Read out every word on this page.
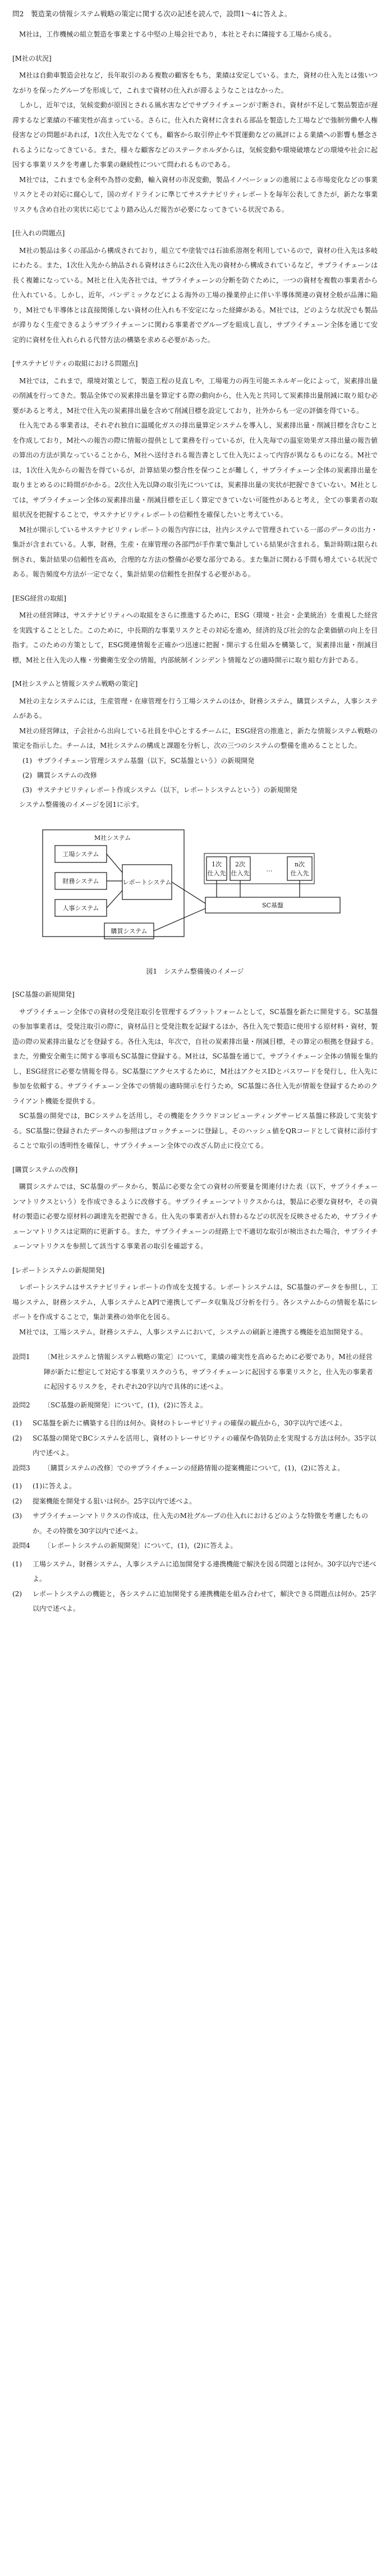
問2　製造業の情報システム戦略の策定に関する次の記述を読んで，設問1～4に答えよ。

M社は，工作機械の組立製造を事業とする中堅の上場会社であり，本社とそれに隣接する工場から成る。

[M社の状況]

M社は自動車製造会社など，長年取引のある複数の顧客をもち，業績は安定している。また，資材の仕入先とは強いつながりを保ったグループを形成して，これまで資材の仕入れが滞るようなことはなかった。

しかし，近年では，気候変動が原因とされる風水害などでサプライチェーンが寸断され，資材が不足して製品製造が遅滞するなど業績の不確実性が高まっている。さらに，仕入れた資材に含まれる部品を製造した工場などで強制労働や人権侵害などの問題があれば，1次仕入先でなくても，顧客から取引停止や不買運動などの風評による業績への影響も懸念されるようになってきている。また，様々な顧客などのステークホルダからは，気候変動や環境破壊などの環境や社会に起因する事業リスクを考慮した事業の継続性について問われるものである。

M社では，これまでも金利や為替の変動，輸入資材の市況変動，製品イノベーションの進展による市場変化などの事業リスクとその対応に腐心して，国のガイドラインに準じてサステナビリティレポートを毎年公表してきたが，新たな事業リスクも含め自社の実状に応じてより踏み込んだ報告が必要になってきている状況である。

[仕入れの問題点]

M社の製品は多くの部品から構成されており，組立てや塗装では石油系溶剤を利用しているので，資材の仕入先は多岐にわたる。また，1次仕入先から納品される資材はさらに2次仕入先の資材から構成されているなど，サプライチェーンは長く複雑になっている。M社と仕入先各社では，サプライチェーンの分断を防ぐために，一つの資材を複数の事業者から仕入れている。しかし，近年，パンデミックなどによる海外の工場の操業停止に伴い半導体関連の資材全般が品薄に陥り，M社でも半導体とは直接関係しない資材の仕入れも不安定になった経緯がある。M社では，どのような状況でも製品が滞りなく生産できるようサプライチェーンに関わる事業者でグループを組成し直し，サプライチェーン全体を通じて安定的に資材を仕入れられる代替方法の構築を求める必要があった。

[サステナビリティの取組における問題点]

M社では，これまで，環境対策として，製造工程の見直しや，工場電力の再生可能エネルギー化によって，炭素排出量の削減を行ってきた。製品全体での炭素排出量を算定する際の動向から，仕入先と共同して炭素排出量削減に取り組む必要があると考え，M社で仕入先の炭素排出量を含めて削減目標を設定しており，社外からも一定の評価を得ている。

仕入先である事業者は，それぞれ独自に温暖化ガスの排出量算定システムを導入し，炭素排出量・削減目標を含むことを作成しており，M社への報告の際に情報の提供として業務を行っているが，仕入先毎での温室効果ガス排出量の報告値の算出の方法が異なっていることから，M社へ送付される報告書として仕入先によって内容が異なるものになる。M社では，1次仕入先からの報告を得ているが，計算結果の整合性を保つことが難しく，サプライチェーン全体の炭素排出量を取りまとめるのに時間がかかる。2次仕入先以降の取引先については，炭素排出量の実状が把握できていない。M社としては，サプライチェーン全体の炭素排出量・削減目標を正しく算定できていない可能性があると考え，全ての事業者の取組状況を把握することで，サステナビリティレポートの信頼性を確保したいと考えている。

M社が開示しているサステナビリティレポートの報告内容には，社内システムで管理されている一部のデータの出力・集計が含まれている。人事，財務，生産・在庫管理の各部門が手作業で集計している結果が含まれる。集計時期は限られ倒され，集計結果の信頼性を高め，合理的な方法の整備が必要な部分である。また集計に関わる手間も増えている状況である。報告頻度や方法が一定でなく，集計結果の信頼性を担保する必要がある。

[ESG経営の取組]

M社の経営陣は，サステナビリティへの取組をさらに推進するために，ESG（環境・社会・企業統治）を重視した経営を実践することとした。このために，中長期的な事業リスクとその対応を進め，経済的及び社会的な企業価値の向上を目指す。このための方策として，ESG関連情報を正確かつ迅速に把握・開示する仕組みを構築して，炭素排出量・削減目標，M社と仕入先の人権・労働衛生安全の情報，内部統制インシデント情報などの適時開示に取り組む方針である。

[M社システムと情報システム戦略の策定]

M社の主なシステムには，生産管理・在庫管理を行う工場システムのほか，財務システム，購買システム，人事システムがある。

M社の経営陣は，子会社から出向している社員を中心とするチームに，ESG経営の推進と，新たな情報システム戦略の策定を指示した。チームは，M社システムの構成と課題を分析し，次の三つのシステムの整備を進めることとした。

(1) サプライチェーン管理システム基盤（以下，SC基盤という）の新規開発
(2) 購買システムの改修
(3) サステナビリティレポート作成システム（以下，レポートシステムという）の新規開発

システム整備後のイメージを図1に示す。

M社システム
工場システム
財務システム
人事システム
レポートシステム
購買システム
SC基盤
1次
仕入先
2次
仕入先
…
n次
仕入先
図1　システム整備後のイメージ
[SC基盤の新規開発]

サプライチェーン全体での資材の受発注取引を管理するプラットフォームとして，SC基盤を新たに開発する。SC基盤の参加事業者は，受発注取引の際に，資材品目と受発注数を記録するほか，各仕入先で製造に使用する原材料・資材，製造の際の炭素排出量などを登録する。各仕入先は，年次で，自社の炭素排出量・削減目標，その算定の根拠を登録する。また，労働安全衛生に関する事項もSC基盤に登録する。M社は，SC基盤を通じて，サプライチェーン全体の情報を集約し，ESG経営に必要な情報を得る。SC基盤にアクセスするために，M社はアクセスIDとパスワードを発行し，仕入先に参加を依頼する。サプライチェーン全体での情報の適時開示を行うため，SC基盤に各仕入先が情報を登録するためのクライアント機能を提供する。

SC基盤の開発では，BCシステムを活用し，その機能をクラウドコンピューティングサービス基盤に移設して実装する。SC基盤に登録されたデータへの参照はブロックチェーンに登録し，そのハッシュ値をQRコードとして資材に添付することで取引の透明性を確保し，サプライチェーン全体での改ざん防止に役立てる。

[購買システムの改修]

購買システムでは，SC基盤のデータから，製品に必要な全ての資材の所要量を関連付けた表（以下，サプライチェーンマトリクスという）を作成できるように改修する。サプライチェーンマトリクスからは，製品に必要な資材や，その資材の製造に必要な原材料の調達先を把握できる。仕入先の事業者が入れ替わるなどの状況を反映させるため，サプライチェーンマトリクスは定期的に更新する。また，サプライチェーンの経路上で不適切な取引が検出された場合，サプライチェーンマトリクスを参照して該当する事業者の取引を確認する。

[レポートシステムの新規開発]

レポートシステムはサステナビリティレポートの作成を支援する。レポートシステムは，SC基盤のデータを参照し，工場システム，財務システム，人事システムとAPIで連携してデータ収集及び分析を行う。各システムからの情報を基にレポートを作成することで，集計業務の効率化を図る。

M社では，工場システム，財務システム，人事システムにおいて，システムの刷新と連携する機能を追加開発する。

設問1 〔M社システムと情報システム戦略の策定〕について，業績の確実性を高めるために必要であり，M社の経営陣が新たに想定して対応する事業リスクのうち，サプライチェーンに起因する事業リスクと，仕入先の事業者に起因するリスクを，それぞれ20字以内で具体的に述べよ。

設問2 〔SC基盤の新規開発〕について，(1)，(2)に答えよ。

(1) SC基盤を新たに構築する目的は何か。資材のトレーサビリティの確保の観点から，30字以内で述べよ。

(2) SC基盤の開発でBCシステムを活用し，資材のトレーサビリティの確保や偽装防止を実現する方法は何か。35字以内で述べよ。

設問3 〔購買システムの改修〕でのサプライチェーンの経路情報の提案機能について，(1)，(2)に答えよ。

(1) (1)に答えよ。

(2) 提案機能を開発する狙いは何か。25字以内で述べよ。

(3) サプライチェーンマトリクスの作成は，仕入先のM社グループの仕入れにおけるどのような特徴を考慮したものか。その特徴を30字以内で述べよ。

設問4 〔レポートシステムの新規開発〕について，(1)，(2)に答えよ。

(1) 工場システム，財務システム，人事システムに追加開発する連携機能で解決を図る問題とは何か。30字以内で述べよ。

(2) レポートシステムの機能と，各システムに追加開発する連携機能を組み合わせて，解決できる問題点は何か。25字以内で述べよ。
